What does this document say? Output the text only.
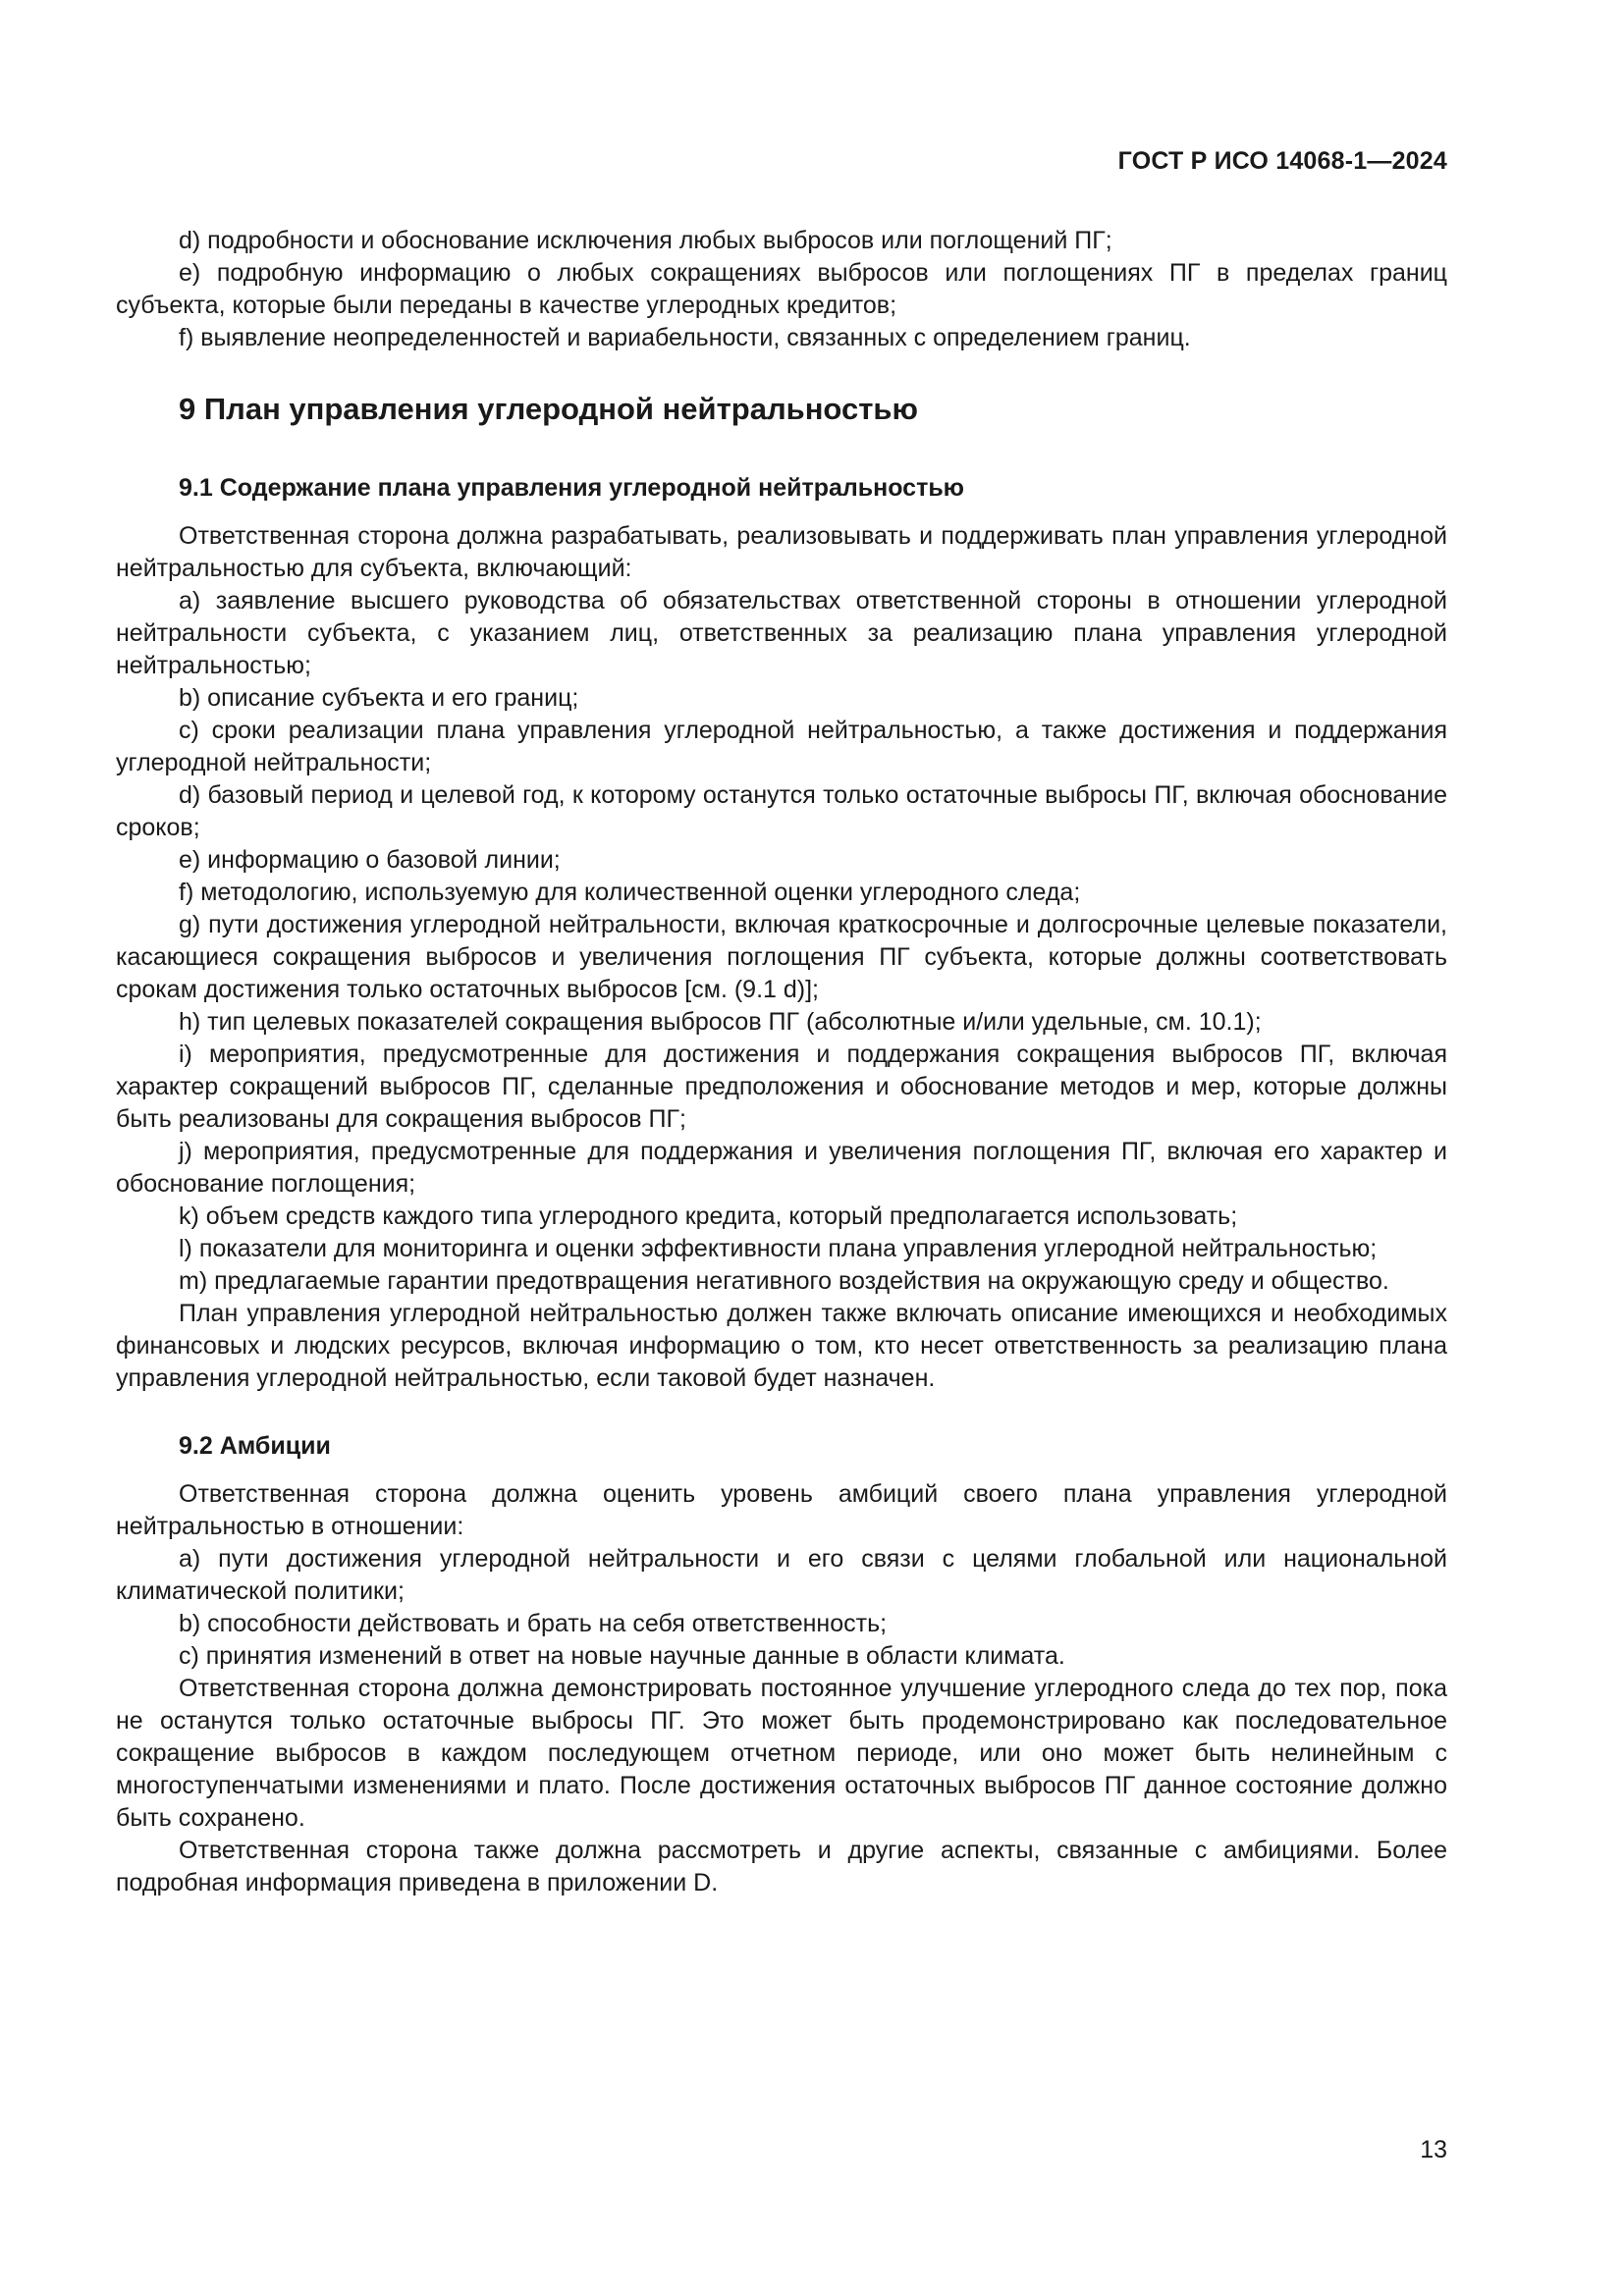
ГОСТ Р ИСО 14068-1—2024

d) подробности и обоснование исключения любых выбросов или поглощений ПГ;

e) подробную информацию о любых сокращениях выбросов или поглощениях ПГ в пределах границ субъекта, которые были переданы в качестве углеродных кредитов;

f) выявление неопределенностей и вариабельности, связанных с определением границ.

9 План управления углеродной нейтральностью
9.1 Содержание плана управления углеродной нейтральностью

Ответственная сторона должна разрабатывать, реализовывать и поддерживать план управления углеродной нейтральностью для субъекта, включающий:

a) заявление высшего руководства об обязательствах ответственной стороны в отношении углеродной нейтральности субъекта, с указанием лиц, ответственных за реализацию плана управления углеродной нейтральностью;

b) описание субъекта и его границ;

c) сроки реализации плана управления углеродной нейтральностью, а также достижения и поддержания углеродной нейтральности;

d) базовый период и целевой год, к которому останутся только остаточные выбросы ПГ, включая обоснование сроков;

e) информацию о базовой линии;

f) методологию, используемую для количественной оценки углеродного следа;

g) пути достижения углеродной нейтральности, включая краткосрочные и долгосрочные целевые показатели, касающиеся сокращения выбросов и увеличения поглощения ПГ субъекта, которые должны соответствовать срокам достижения только остаточных выбросов [см. (9.1 d)];

h) тип целевых показателей сокращения выбросов ПГ (абсолютные и/или удельные, см. 10.1);

i) мероприятия, предусмотренные для достижения и поддержания сокращения выбросов ПГ, включая характер сокращений выбросов ПГ, сделанные предположения и обоснование методов и мер, которые должны быть реализованы для сокращения выбросов ПГ;

j) мероприятия, предусмотренные для поддержания и увеличения поглощения ПГ, включая его характер и обоснование поглощения;

k) объем средств каждого типа углеродного кредита, который предполагается использовать;

l) показатели для мониторинга и оценки эффективности плана управления углеродной нейтральностью;

m) предлагаемые гарантии предотвращения негативного воздействия на окружающую среду и общество.

План управления углеродной нейтральностью должен также включать описание имеющихся и необходимых финансовых и людских ресурсов, включая информацию о том, кто несет ответственность за реализацию плана управления углеродной нейтральностью, если таковой будет назначен.

9.2 Амбиции

Ответственная сторона должна оценить уровень амбиций своего плана управления углеродной нейтральностью в отношении:

a) пути достижения углеродной нейтральности и его связи с целями глобальной или национальной климатической политики;

b) способности действовать и брать на себя ответственность;

c) принятия изменений в ответ на новые научные данные в области климата.

Ответственная сторона должна демонстрировать постоянное улучшение углеродного следа до тех пор, пока не останутся только остаточные выбросы ПГ. Это может быть продемонстрировано как последовательное сокращение выбросов в каждом последующем отчетном периоде, или оно может быть нелинейным с многоступенчатыми изменениями и плато. После достижения остаточных выбросов ПГ данное состояние должно быть сохранено.

Ответственная сторона также должна рассмотреть и другие аспекты, связанные с амбициями. Более подробная информация приведена в приложении D.

13
